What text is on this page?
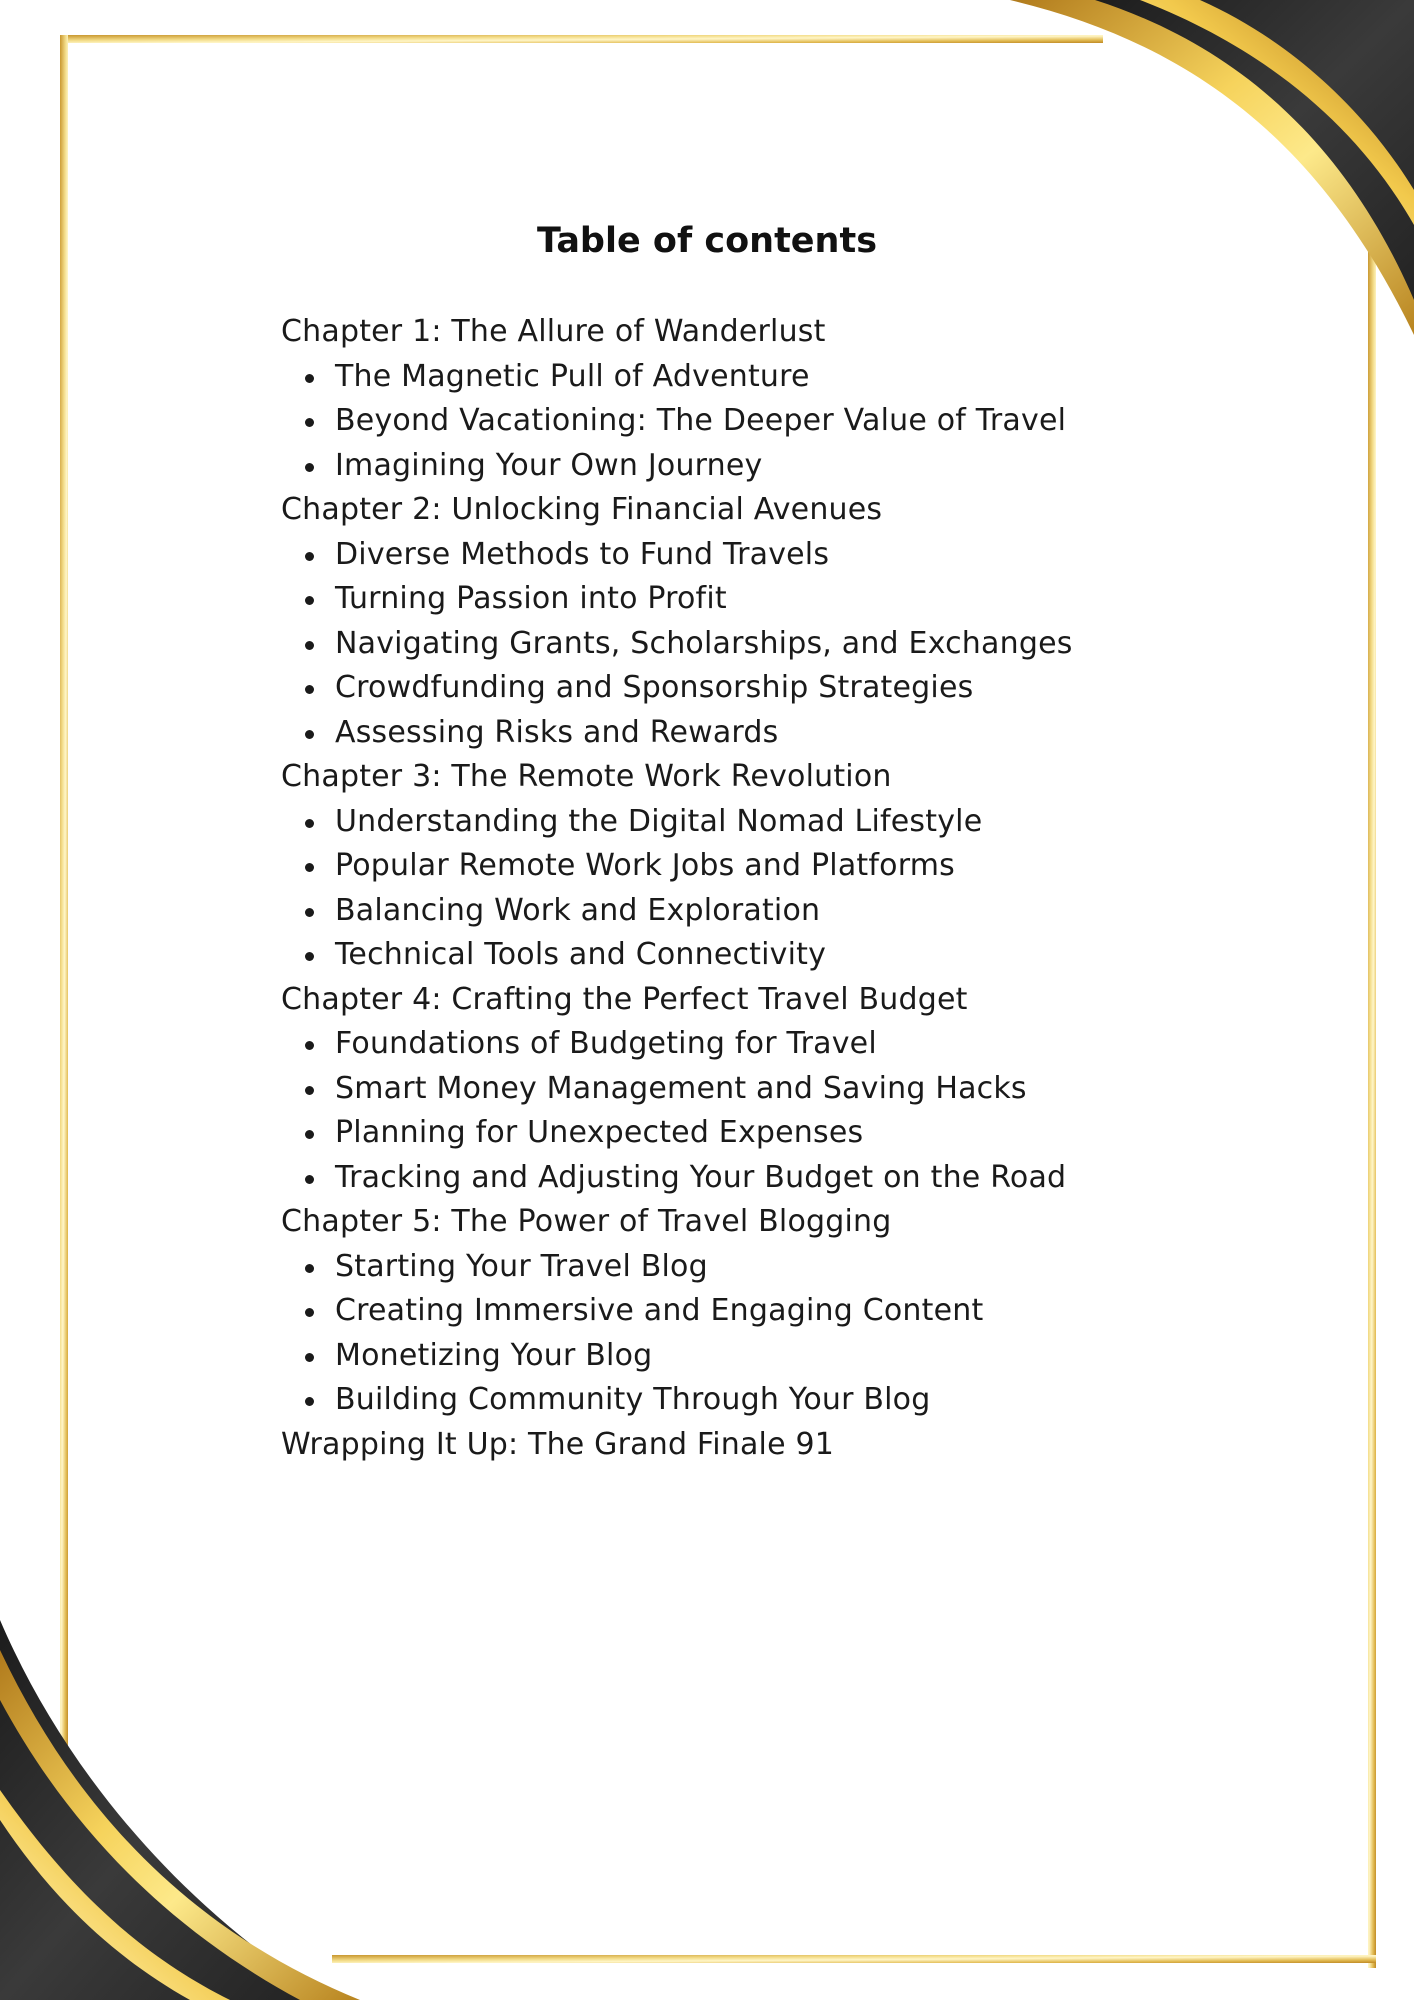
Table of contents
Chapter 1: The Allure of Wanderlust
The Magnetic Pull of Adventure
Beyond Vacationing: The Deeper Value of Travel
Imagining Your Own Journey
Chapter 2: Unlocking Financial Avenues
Diverse Methods to Fund Travels
Turning Passion into Profit
Navigating Grants, Scholarships, and Exchanges
Crowdfunding and Sponsorship Strategies
Assessing Risks and Rewards
Chapter 3: The Remote Work Revolution
Understanding the Digital Nomad Lifestyle
Popular Remote Work Jobs and Platforms
Balancing Work and Exploration
Technical Tools and Connectivity
Chapter 4: Crafting the Perfect Travel Budget
Foundations of Budgeting for Travel
Smart Money Management and Saving Hacks
Planning for Unexpected Expenses
Tracking and Adjusting Your Budget on the Road
Chapter 5: The Power of Travel Blogging
Starting Your Travel Blog
Creating Immersive and Engaging Content
Monetizing Your Blog
Building Community Through Your Blog
Wrapping It Up: The Grand Finale 91
